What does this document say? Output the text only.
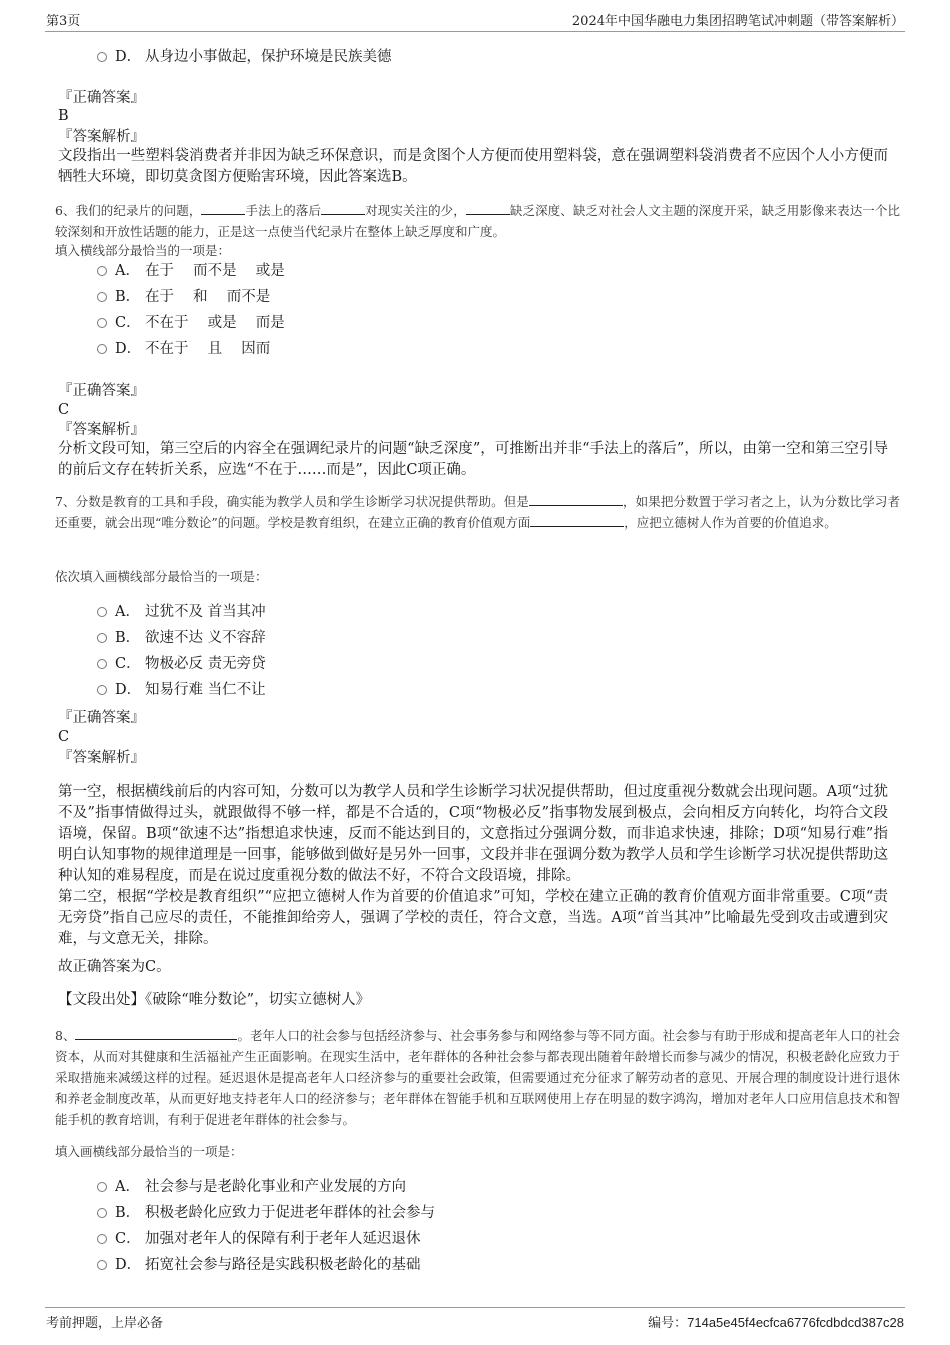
第3页	2024年中国华融电力集团招聘笔试冲刺题（带答案解析）
D． 从身边小事做起，保护环境是民族美德
『正确答案』
B
『答案解析』
文段指出一些塑料袋消费者并非因为缺乏环保意识，而是贪图个人方便而使用塑料袋，意在强调塑料袋消费者不应因个人小方便而牺牲大环境，即切莫贪图方便贻害环境，因此答案选B。
6、我们的纪录片的问题，	手法上的落后	对现实关注的少，	缺乏深度、缺乏对社会人文主题的深度开采，缺乏用影像来表达一个比较深刻和开放性话题的能力，正是这一点使当代纪录片在整体上缺乏厚度和广度。
填入横线部分最恰当的一项是：
A． 在于　 而不是　 或是
B． 在于　 和　 而不是
C． 不在于　 或是　 而是
D． 不在于　 且　 因而
『正确答案』
C
『答案解析』
分析文段可知，第三空后的内容全在强调纪录片的问题“缺乏深度”，可推断出并非“手法上的落后”，所以，由第一空和第三空引导的前后文存在转折关系，应选“不在于……而是”，因此C项正确。
7、分数是教育的工具和手段，确实能为教学人员和学生诊断学习状况提供帮助。但是	，如果把分数置于学习者之上，认为分数比学习者还重要，就会出现“唯分数论”的问题。学校是教育组织，在建立正确的教育价值观方面	，应把立德树人作为首要的价值追求。
依次填入画横线部分最恰当的一项是：
A． 过犹不及 首当其冲
B． 欲速不达 义不容辞
C． 物极必反 责无旁贷
D． 知易行难 当仁不让
『正确答案』
C
『答案解析』
第一空，根据横线前后的内容可知，分数可以为教学人员和学生诊断学习状况提供帮助，但过度重视分数就会出现问题。A项“过犹不及”指事情做得过头，就跟做得不够一样，都是不合适的，C项“物极必反”指事物发展到极点，会向相反方向转化，均符合文段语境，保留。B项“欲速不达”指想追求快速，反而不能达到目的，文意指过分强调分数，而非追求快速，排除；D项“知易行难”指明白认知事物的规律道理是一回事，能够做到做好是另外一回事，文段并非在强调分数为教学人员和学生诊断学习状况提供帮助这种认知的难易程度，而是在说过度重视分数的做法不好，不符合文段语境，排除。
第二空，根据“学校是教育组织”“应把立德树人作为首要的价值追求”可知，学校在建立正确的教育价值观方面非常重要。C项“责无旁贷”指自己应尽的责任，不能推卸给旁人，强调了学校的责任，符合文意，当选。A项“首当其冲”比喻最先受到攻击或遭到灾难，与文意无关，排除。
故正确答案为C。
【文段出处】《破除“唯分数论”，切实立德树人》
8、	。老年人口的社会参与包括经济参与、社会事务参与和网络参与等不同方面。社会参与有助于形成和提高老年人口的社会资本，从而对其健康和生活福祉产生正面影响。在现实生活中，老年群体的各种社会参与都表现出随着年龄增长而参与减少的情况，积极老龄化应致力于采取措施来减缓这样的过程。延迟退休是提高老年人口经济参与的重要社会政策，但需要通过充分征求了解劳动者的意见、开展合理的制度设计进行退休和养老金制度改革，从而更好地支持老年人口的经济参与；老年群体在智能手机和互联网使用上存在明显的数字鸿沟，增加对老年人口应用信息技术和智能手机的教育培训，有利于促进老年群体的社会参与。
填入画横线部分最恰当的一项是：
A． 社会参与是老龄化事业和产业发展的方向
B． 积极老龄化应致力于促进老年群体的社会参与
C． 加强对老年人的保障有利于老年人延迟退休
D． 拓宽社会参与路径是实践积极老龄化的基础
考前押题，上岸必备	编号：714a5e45f4ecfca6776fcdbdcd387c28
